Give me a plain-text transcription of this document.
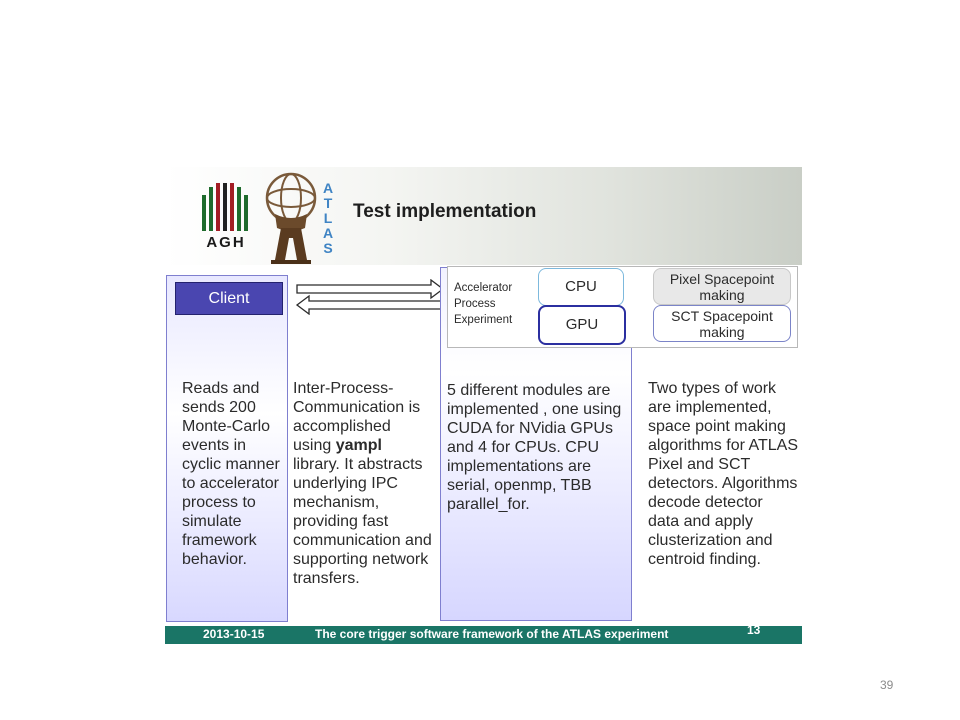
AGH
A
T
L
A
S
Test implementation
Client
Reads and sends 200 Monte-Carlo events in cyclic manner to accelerator process to simulate framework behavior.
Inter-Process-Communication is accomplished using yampl library. It abstracts underlying IPC mechanism, providing fast communication and supporting network transfers.
Accelerator
Process
Experiment
CPU
GPU
Pixel Spacepoint making
SCT Spacepoint making
5 different modules are implemented , one using CUDA for NVidia GPUs and 4 for CPUs. CPU implementations are serial, openmp, TBB parallel_for.
Two types of work are implemented, space point making algorithms for ATLAS Pixel and SCT detectors. Algorithms decode detector data and apply clusterization and centroid finding.
2013-10-15	The core trigger software framework of the ATLAS experiment	13
39
